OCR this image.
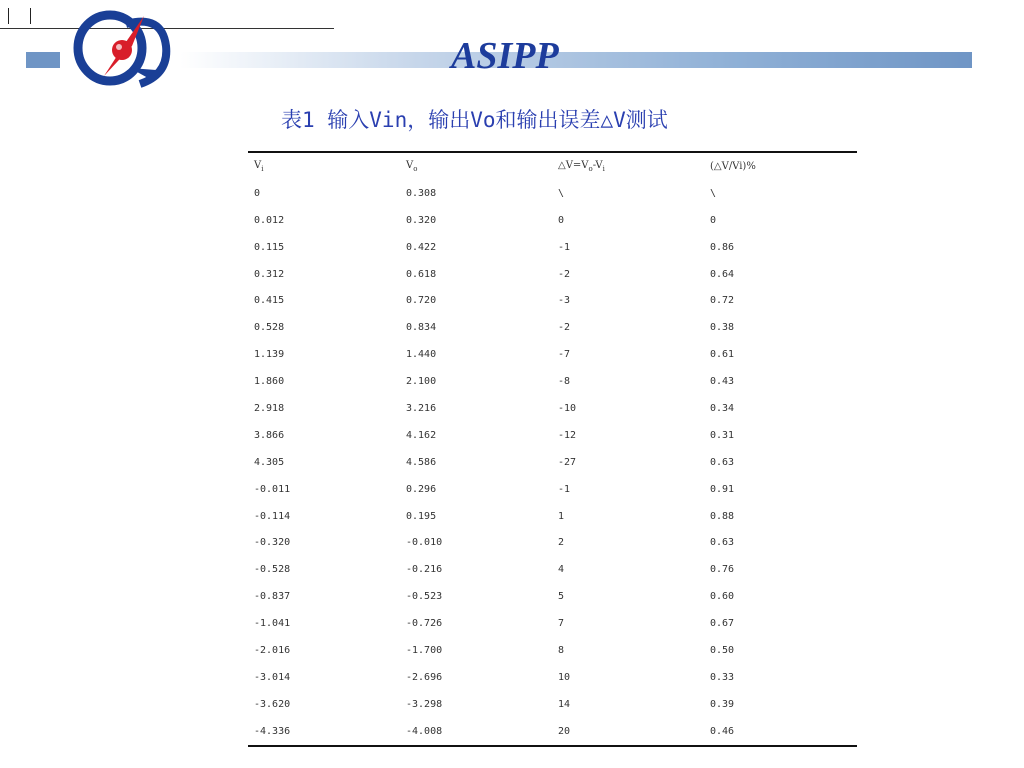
ASIPP
表1 输入Vin，输出Vo和输出误差△V测试
$V_i$	$V_o$	$\triangle V=V_o-V_i$	(△V/Vi)%
0	0.308	\	\
0.012	0.320	0	0
0.115	0.422	-1	0.86
0.312	0.618	-2	0.64
0.415	0.720	-3	0.72
0.528	0.834	-2	0.38
1.139	1.440	-7	0.61
1.860	2.100	-8	0.43
2.918	3.216	-10	0.34
3.866	4.162	-12	0.31
4.305	4.586	-27	0.63
-0.011	0.296	-1	0.91
-0.114	0.195	1	0.88
-0.320	-0.010	2	0.63
-0.528	-0.216	4	0.76
-0.837	-0.523	5	0.60
-1.041	-0.726	7	0.67
-2.016	-1.700	8	0.50
-3.014	-2.696	10	0.33
-3.620	-3.298	14	0.39
-4.336	-4.008	20	0.46
